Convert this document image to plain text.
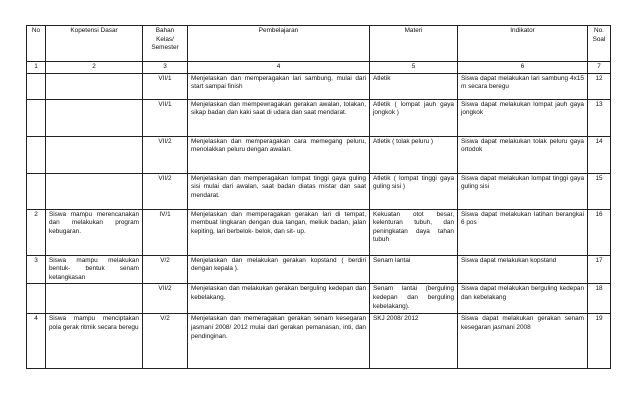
No	Kopetensi Dasar	Bahan Kelas/ Semester	Pembelajaran	Materi	Indikator	No. Soal
1	2	3	4	5	6	7
		VII/1	Menjelaskan dan memperagakan lari sambung, mulai dari start sampai finish	Atletik	Siswa dapat melakukan lari sambung 4x15 m secara beregu	12
		VII/1	Menjelaskan dan mempewragakan gerakan awalan, tolakan, sikap badan dan kaki saat di udara dan saat mendarat.	Atletik ( lompat jauh gaya jongkok )	Siswa dapat melakukan lompat jauh gaya jongkok	13
		VII/2	Menjelaskan dan memperagakan cara memegang peluru, menolakkan peluru dengan awalan.	Atletik ( tolak peluru )	Siswa dapat melakukan tolak peluru gaya ortodok	14
		VII/2	Menjelaskan dan memperagakan lompat tinggi gaya guling sisi mulai dari awalan, saat badan diatas mistar dan saat mendarat.	Atletik ( lompat tinggi gaya guling sisi )	Siswa dapat melakukan lompat tinggi gaya guling sisi	15
2	Siswa mampu merencanakan dan melakukan program kebugaran.	IV/1	Menjelaskan dan memperagakan gerakan lari di tempat, membuat lingkaran dengan dua tangan, meliuk badan, jalan kepiting, lari berbelok- belok, dan sit- up.	Kekuatan otot besar, kelenturan tubuh, dan peningkatan daya tahan tubuh	Siswa dapat melakukan latihan berangkai 6 pos	16
3	Siswa mampu melakukan bentuk- bentuk senam ketangkasan	V/2	Menjelaskan dan melakukan gerakan kopstand ( berdiri dengan kepala ).	Senam lantai	Siswa dapat melakukan kopstand	17
		VII/2	Menjelaskan dan melakukan gerakan berguling kedepan dan kebelakang.	Senam lantai (berguling kedepan dan berguling kebelakang).	Siswa dapat melakukan berguling kedepan dan kebelakang	18
4	Siswa mampu menciptakan pola gerak ritmik secara beregu	V/2	Menjelaskan dan memeragakan gerakan senam kesegaran jasmani 2008/ 2012 mulai dari gerakan pemanasan, inti, dan pendinginan.	SKJ 2008/ 2012	Siswa dapat melakukan gerakan senam kesegaran jasmani 2008	19
